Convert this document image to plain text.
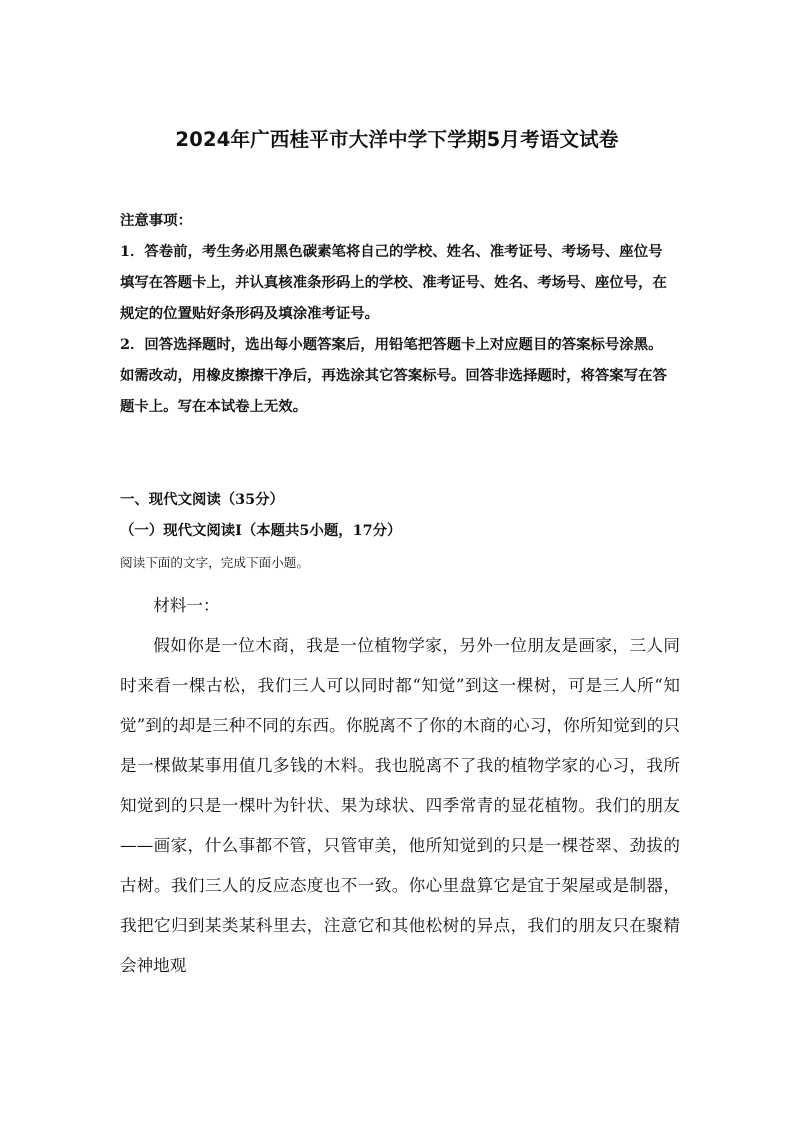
2024年广西桂平市大洋中学下学期5月考语文试卷

注意事项：

1．答卷前，考生务必用黑色碳素笔将自己的学校、姓名、准考证号、考场号、座位号填写在答题卡上，并认真核准条形码上的学校、准考证号、姓名、考场号、座位号，在规定的位置贴好条形码及填涂准考证号。

2．回答选择题时，选出每小题答案后，用铅笔把答题卡上对应题目的答案标号涂黑。如需改动，用橡皮擦擦干净后，再选涂其它答案标号。回答非选择题时，将答案写在答题卡上。写在本试卷上无效。

一、现代文阅读（35分）
（一）现代文阅读Ⅰ（本题共5小题，17分）
阅读下面的文字，完成下面小题。

材料一：

假如你是一位木商，我是一位植物学家，另外一位朋友是画家，三人同时来看一棵古松，我们三人可以同时都“知觉”到这一棵树，可是三人所“知觉”到的却是三种不同的东西。你脱离不了你的木商的心习，你所知觉到的只是一棵做某事用值几多钱的木料。我也脱离不了我的植物学家的心习，我所知觉到的只是一棵叶为针状、果为球状、四季常青的显花植物。我们的朋友——画家，什么事都不管，只管审美，他所知觉到的只是一棵苍翠、劲拔的古树。我们三人的反应态度也不一致。你心里盘算它是宜于架屋或是制器，我把它归到某类某科里去，注意它和其他松树的异点，我们的朋友只在聚精会神地观
